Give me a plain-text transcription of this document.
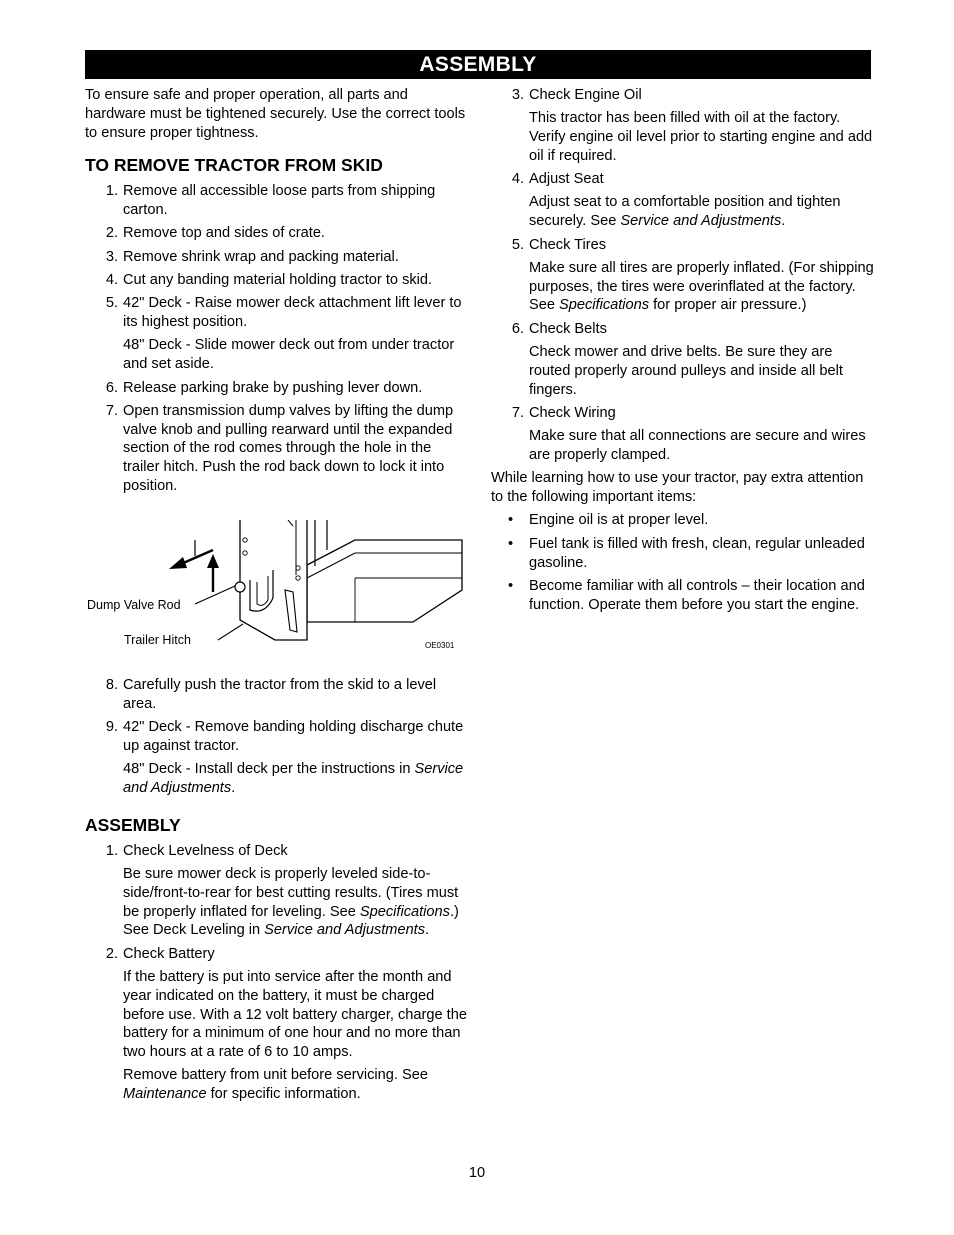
ASSEMBLY

To ensure safe and proper operation, all parts and hardware must be tightened securely. Use the correct tools to ensure proper tightness.

TO REMOVE TRACTOR FROM SKID
1. Remove all accessible loose parts from shipping carton.
2. Remove top and sides of crate.
3. Remove shrink wrap and packing material.
4. Cut any banding material holding tractor to skid.
5. 42" Deck - Raise mower deck attachment lift lever to its highest position.

48" Deck - Slide mower deck out from under tractor and set aside.

6. Release parking brake by pushing lever down.
7. Open transmission dump valves by lifting the dump valve knob and pulling rearward until the expanded section of the rod comes through the hole in the trailer hitch. Push the rod back down to lock it into position.
Dump Valve Rod
Trailer Hitch	OE0301
8. Carefully push the tractor from the skid to a level area.
9. 42" Deck - Remove banding holding discharge chute up against tractor.

48" Deck - Install deck per the instructions in Service and Adjustments.

ASSEMBLY
1. Check Levelness of Deck

Be sure mower deck is properly leveled side-to-side/front-to-rear for best cutting results. (Tires must be properly inflated for leveling. See Specifications.) See Deck Leveling in Service and Adjustments.

2. Check Battery

If the battery is put into service after the month and year indicated on the battery, it must be charged before use. With a 12 volt battery charger, charge the battery for a minimum of one hour and no more than two hours at a rate of 6 to 10 amps.

Remove battery from unit before servicing. See Maintenance for specific information.

3. Check Engine Oil

This tractor has been filled with oil at the factory. Verify engine oil level prior to starting engine and add oil if required.

4. Adjust Seat

Adjust seat to a comfortable position and tighten securely. See Service and Adjustments.

5. Check Tires

Make sure all tires are properly inflated. (For shipping purposes, the tires were overinflated at the factory. See Specifications for proper air pressure.)

6. Check Belts

Check mower and drive belts. Be sure they are routed properly around pulleys and inside all belt fingers.

7. Check Wiring

Make sure that all connections are secure and wires are properly clamped.

While learning how to use your tractor, pay extra attention to the following important items:

• Engine oil is at proper level.
• Fuel tank is filled with fresh, clean, regular unleaded gasoline.
• Become familiar with all controls – their location and function. Operate them before you start the engine.
10
